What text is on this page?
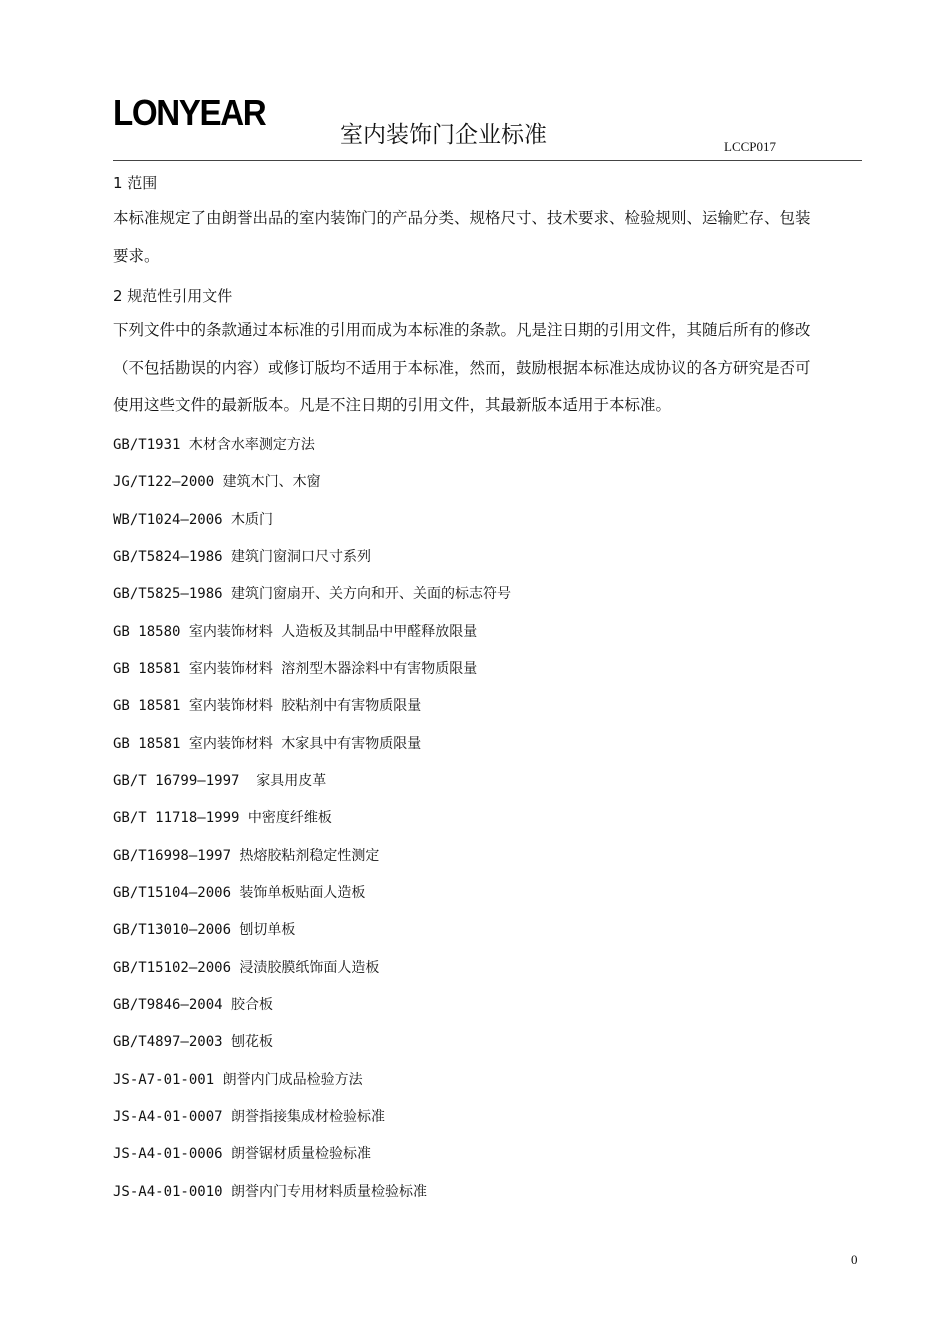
LONYEAR
室内装饰门企业标准	LCCP017
1 范围
本标准规定了由朗誉出品的室内装饰门的产品分类、规格尺寸、技术要求、检验规则、运输贮存、包装
要求。
2 规范性引用文件
下列文件中的条款通过本标准的引用而成为本标准的条款。凡是注日期的引用文件，其随后所有的修改
（不包括勘误的内容）或修订版均不适用于本标准，然而，鼓励根据本标准达成协议的各方研究是否可
使用这些文件的最新版本。凡是不注日期的引用文件，其最新版本适用于本标准。
GB/T1931 木材含水率测定方法
JG/T122—2000 建筑木门、木窗
WB/T1024—2006 木质门
GB/T5824—1986 建筑门窗洞口尺寸系列
GB/T5825—1986 建筑门窗扇开、关方向和开、关面的标志符号
GB 18580 室内装饰材料 人造板及其制品中甲醛释放限量
GB 18581 室内装饰材料 溶剂型木器涂料中有害物质限量
GB 18581 室内装饰材料 胶粘剂中有害物质限量
GB 18581 室内装饰材料 木家具中有害物质限量
GB/T 16799—1997  家具用皮革
GB/T 11718—1999 中密度纤维板
GB/T16998—1997 热熔胶粘剂稳定性测定
GB/T15104—2006 装饰单板贴面人造板
GB/T13010—2006 刨切单板
GB/T15102—2006 浸渍胶膜纸饰面人造板
GB/T9846—2004 胶合板
GB/T4897—2003 刨花板
JS-A7-01-001 朗誉内门成品检验方法
JS-A4-01-0007 朗誉指接集成材检验标准
JS-A4-01-0006 朗誉锯材质量检验标准
JS-A4-01-0010 朗誉内门专用材料质量检验标准
0
